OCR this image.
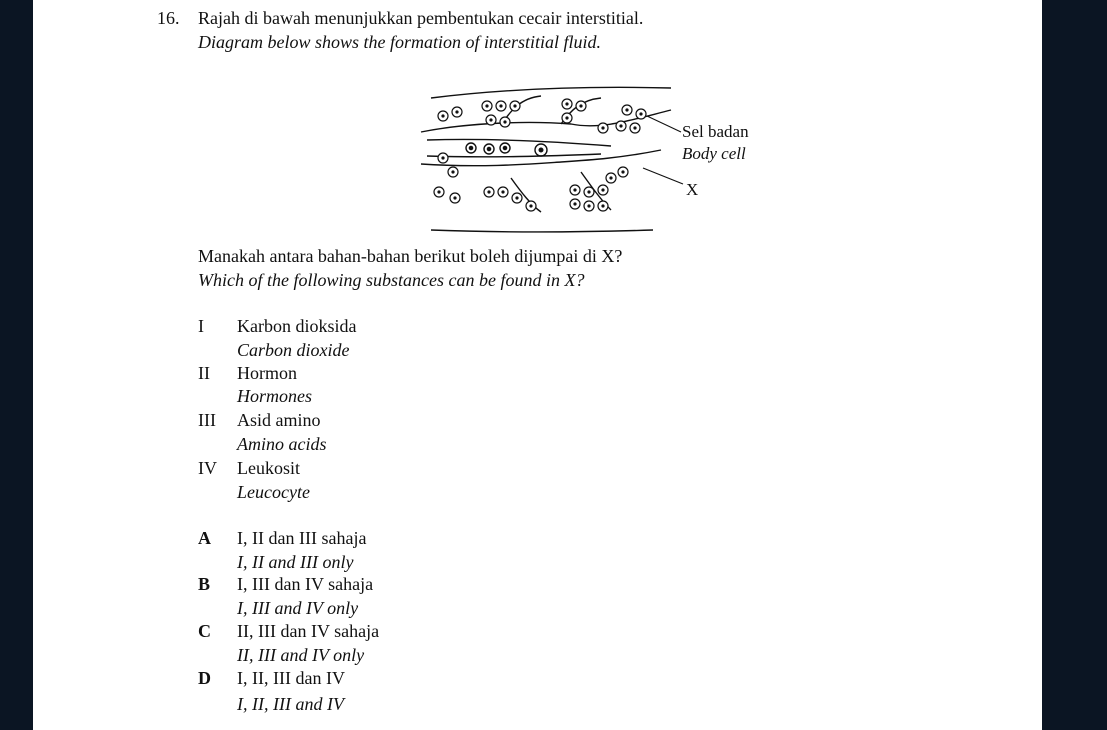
16. Rajah di bawah menunjukkan pembentukan cecair interstitial.
Diagram below shows the formation of interstitial fluid.
Sel badan
Body cell
X
Manakah antara bahan-bahan berikut boleh dijumpai di X?
Which of the following substances can be found in X?
I Karbon dioksida
Carbon dioxide
II Hormon
Hormones
III Asid amino
Amino acids
IV Leukosit
Leucocyte
A I, II dan III sahaja
I, II and III only
B I, III dan IV sahaja
I, III and IV only
C II, III dan IV sahaja
II, III and IV only
D I, II, III dan IV
I, II, III and IV
